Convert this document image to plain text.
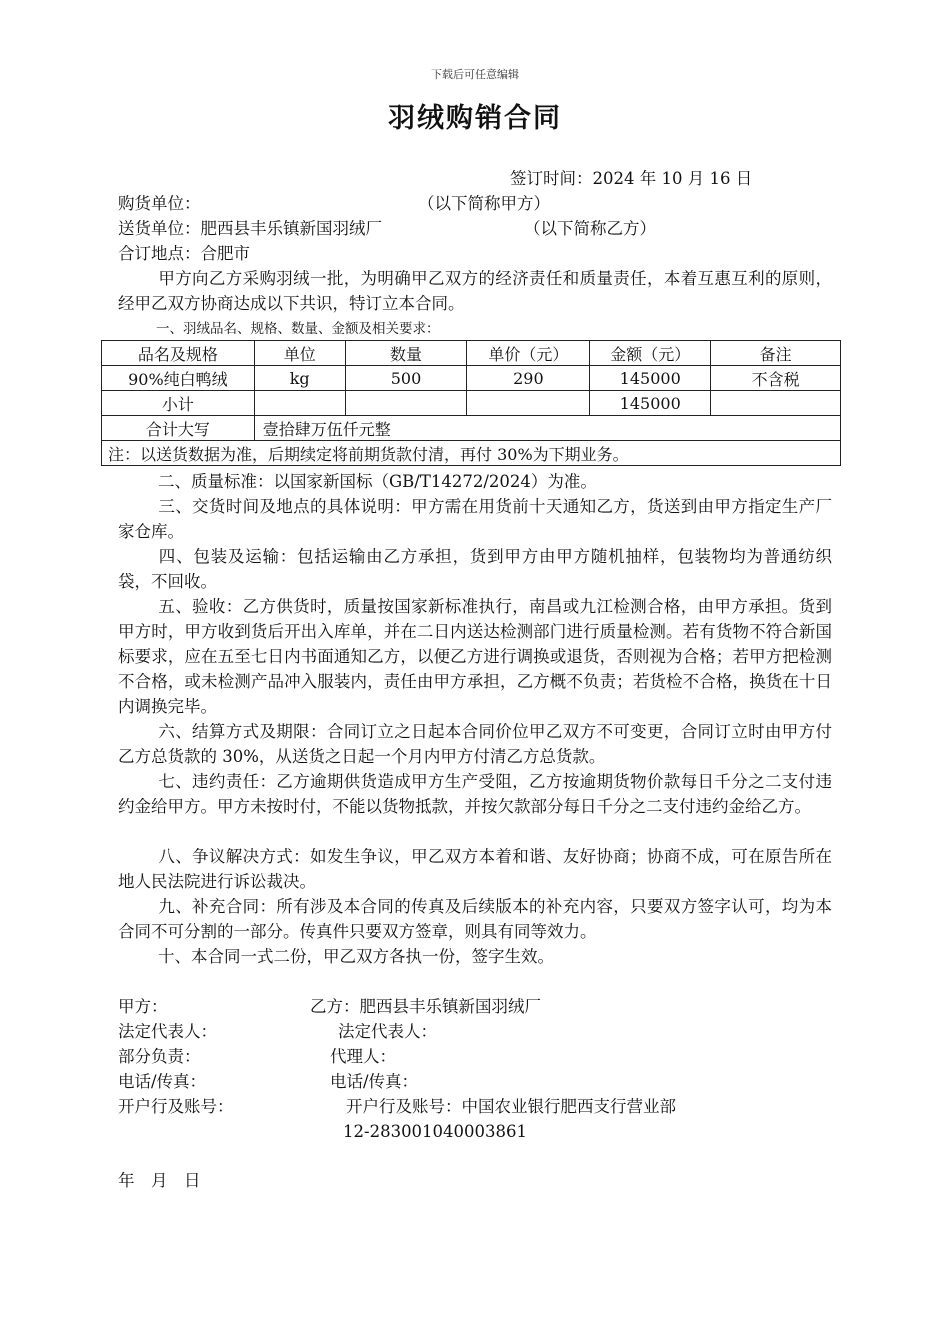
下载后可任意编辑
羽绒购销合同
签订时间：2024 年 10 月 16 日
购货单位：	（以下简称甲方）
送货单位：肥西县丰乐镇新国羽绒厂	（以下简称乙方）
合订地点：合肥市
甲方向乙方采购羽绒一批，为明确甲乙双方的经济责任和质量责任，本着互惠互利的原则，经甲乙双方协商达成以下共识，特订立本合同。
一、羽绒品名、规格、数量、金额及相关要求：
品名及规格	单位	数量	单价（元）	金额（元）	备注
90%纯白鸭绒	kg	500	290	145000	不含税
小计				145000	
合计大写	壹拾肆万伍仟元整				
注：以送货数据为准，后期续定将前期货款付清，再付 30%为下期业务。					
二、质量标准：以国家新国标（GB/T14272/2024）为准。
三、交货时间及地点的具体说明：甲方需在用货前十天通知乙方，货送到由甲方指定生产厂家仓库。
四、包装及运输：包括运输由乙方承担，货到甲方由甲方随机抽样，包装物均为普通纺织袋，不回收。
五、验收：乙方供货时，质量按国家新标准执行，南昌或九江检测合格，由甲方承担。货到甲方时，甲方收到货后开出入库单，并在二日内送达检测部门进行质量检测。若有货物不符合新国标要求，应在五至七日内书面通知乙方，以便乙方进行调换或退货，否则视为合格；若甲方把检测不合格，或未检测产品冲入服装内，责任由甲方承担，乙方概不负责；若货检不合格，换货在十日内调换完毕。
六、结算方式及期限：合同订立之日起本合同价位甲乙双方不可变更，合同订立时由甲方付乙方总货款的 30%，从送货之日起一个月内甲方付清乙方总货款。
七、违约责任：乙方逾期供货造成甲方生产受阻，乙方按逾期货物价款每日千分之二支付违约金给甲方。甲方未按时付，不能以货物抵款，并按欠款部分每日千分之二支付违约金给乙方。
八、争议解决方式：如发生争议，甲乙双方本着和谐、友好协商；协商不成，可在原告所在地人民法院进行诉讼裁决。
九、补充合同：所有涉及本合同的传真及后续版本的补充内容，只要双方签字认可，均为本合同不可分割的一部分。传真件只要双方签章，则具有同等效力。
十、本合同一式二份，甲乙双方各执一份，签字生效。
甲方：	乙方：肥西县丰乐镇新国羽绒厂
法定代表人：	法定代表人：
部分负责：	代理人：
电话/传真：	电话/传真：
开户行及账号：	开户行及账号：中国农业银行肥西支行营业部
12-283001040003861
年　月　日
